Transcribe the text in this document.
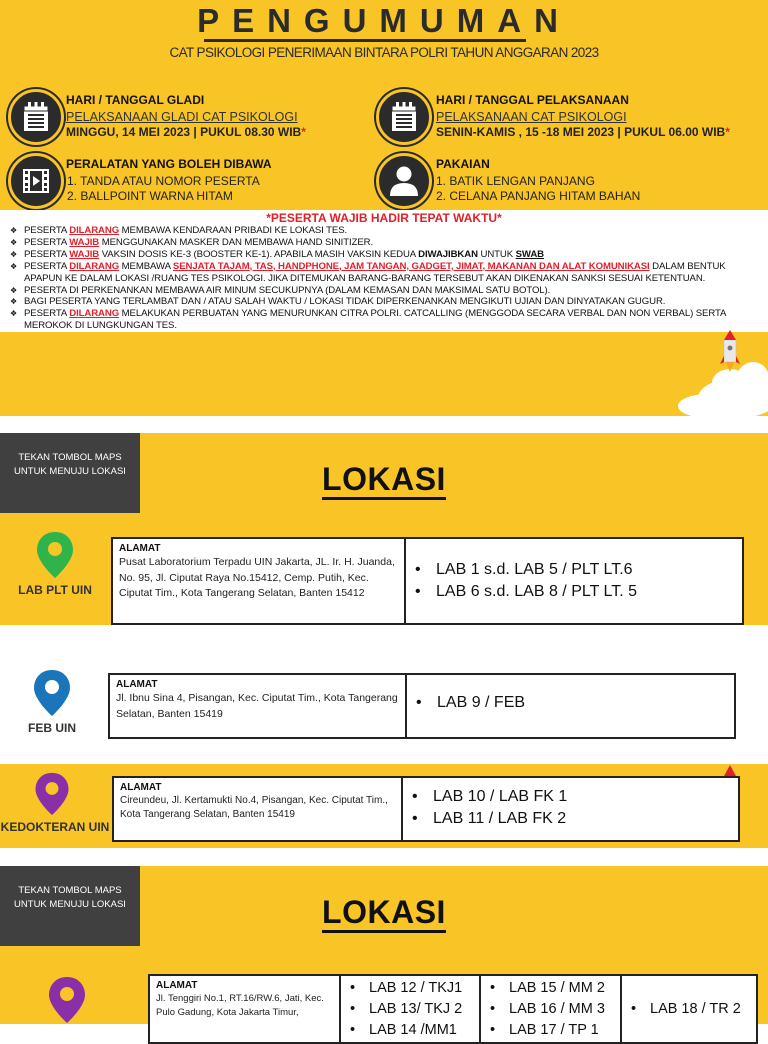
PENGUMUMAN
CAT PSIKOLOGI PENERIMAAN BINTARA POLRI TAHUN ANGGARAN 2023
HARI / TANGGAL GLADI
PELAKSANAAN GLADI CAT PSIKOLOGI
MINGGU, 14 MEI 2023 | PUKUL 08.30 WIB*
HARI / TANGGAL PELAKSANAAN
PELAKSANAAN CAT PSIKOLOGI
SENIN-KAMIS , 15 -18 MEI 2023 | PUKUL 06.00 WIB*
PERALATAN YANG BOLEH DIBAWA
1. TANDA ATAU NOMOR PESERTA
2. BALLPOINT WARNA HITAM
PAKAIAN
1. BATIK LENGAN PANJANG
2. CELANA PANJANG HITAM BAHAN
*PESERTA WAJIB HADIR TEPAT WAKTU*
❖ PESERTA DILARANG MEMBAWA KENDARAAN PRIBADI KE LOKASI TES.
❖ PESERTA WAJIB MENGGUNAKAN MASKER DAN MEMBAWA HAND SINITIZER.
❖ PESERTA WAJIB VAKSIN DOSIS KE-3 (BOOSTER KE-1). APABILA MASIH VAKSIN KEDUA DIWAJIBKAN UNTUK SWAB
❖ PESERTA DILARANG MEMBAWA SENJATA TAJAM, TAS, HANDPHONE, JAM TANGAN, GADGET, JIMAT, MAKANAN DAN ALAT KOMUNIKASI DALAM BENTUK APAPUN KE DALAM LOKASI /RUANG TES PSIKOLOGI. JIKA DITEMUKAN BARANG-BARANG TERSEBUT AKAN DIKENAKAN SANKSI SESUAI KETENTUAN.
❖ PESERTA DI PERKENANKAN MEMBAWA AIR MINUM SECUKUPNYA (DALAM KEMASAN DAN MAKSIMAL SATU BOTOL).
❖ BAGI PESERTA YANG TERLAMBAT DAN / ATAU SALAH WAKTU / LOKASI TIDAK DIPERKENANKAN MENGIKUTI UJIAN DAN DINYATAKAN GUGUR.
❖ PESERTA DILARANG MELAKUKAN PERBUATAN YANG MENURUNKAN CITRA POLRI. CATCALLING (MENGGODA SECARA VERBAL DAN NON VERBAL) SERTA MEROKOK DI LUNGKUNGAN TES.
TEKAN TOMBOL MAPS UNTUK MENUJU LOKASI	LOKASI
LAB PLT UIN
ALAMAT
Pusat Laboratorium Terpadu UIN Jakarta, JL. Ir. H. Juanda, No. 95, Jl. Ciputat Raya No.15412, Cemp. Putih, Kec. Ciputat Tim., Kota Tangerang Selatan, Banten 15412
• LAB 1 s.d. LAB 5 / PLT LT.6
• LAB 6 s.d. LAB 8 / PLT LT. 5
FEB UIN
ALAMAT
Jl. Ibnu Sina 4, Pisangan, Kec. Ciputat Tim., Kota Tangerang Selatan, Banten 15419
• LAB 9 / FEB
KEDOKTERAN UIN
ALAMAT
Cireundeu, Jl. Kertamukti No.4, Pisangan, Kec. Ciputat Tim., Kota Tangerang Selatan, Banten 15419
• LAB 10 / LAB FK 1
• LAB 11 / LAB FK 2
TEKAN TOMBOL MAPS UNTUK MENUJU LOKASI	LOKASI
ALAMAT
Jl. Tenggiri No.1, RT.16/RW.6, Jati, Kec. Pulo Gadung, Kota Jakarta Timur,
• LAB 12 / TKJ1
• LAB 13/ TKJ 2
• LAB 14 /MM1
• LAB 15 / MM 2
• LAB 16 / MM 3
• LAB 17 / TP 1
• LAB 18 / TR 2
